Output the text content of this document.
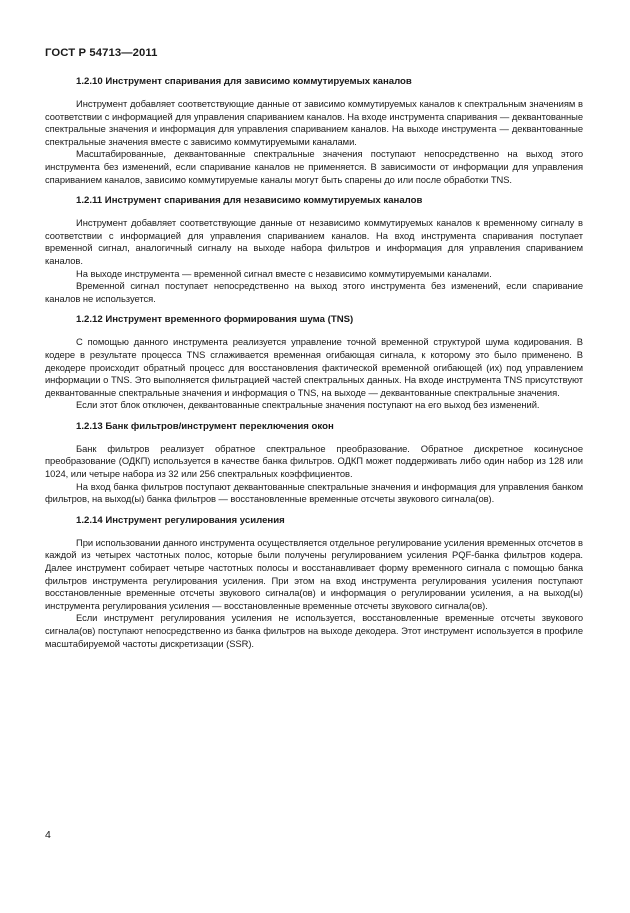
ГОСТ Р 54713—2011
1.2.10 Инструмент спаривания для зависимо коммутируемых каналов

Инструмент добавляет соответствующие данные от зависимо коммутируемых каналов к спектральным значениям в соответствии с информацией для управления спариванием каналов. На входе инструмента спаривания — деквантованные спектральные значения и информация для управления спариванием каналов. На выходе инструмента — деквантованные спектральные значения вместе с зависимо коммутируемыми каналами.

Масштабированные, деквантованные спектральные значения поступают непосредственно на выход этого инструмента без изменений, если спаривание каналов не применяется. В зависимости от информации для управления спариванием каналов, зависимо коммутируемые каналы могут быть спарены до или после обработки TNS.

1.2.11 Инструмент спаривания для независимо коммутируемых каналов

Инструмент добавляет соответствующие данные от независимо коммутируемых каналов к временному сигналу в соответствии с информацией для управления спариванием каналов. На вход инструмента спаривания поступает временной сигнал, аналогичный сигналу на выходе набора фильтров и информация для управления спариванием каналов.

На выходе инструмента — временной сигнал вместе с независимо коммутируемыми каналами.

Временной сигнал поступает непосредственно на выход этого инструмента без изменений, если спаривание каналов не используется.

1.2.12 Инструмент временного формирования шума (TNS)

С помощью данного инструмента реализуется управление точной временной структурой шума кодирования. В кодере в результате процесса TNS сглаживается временная огибающая сигнала, к которому это было применено. В декодере происходит обратный процесс для восстановления фактической временной огибающей (их) под управлением информации о TNS. Это выполняется фильтрацией частей спектральных данных. На входе инструмента TNS присутствуют деквантованные спектральные значения и информация о TNS, на выходе — деквантованные спектральные значения.

Если этот блок отключен, деквантованные спектральные значения поступают на его выход без изменений.

1.2.13 Банк фильтров/инструмент переключения окон

Банк фильтров реализует обратное спектральное преобразование. Обратное дискретное косинусное преобразование (ОДКП) используется в качестве банка фильтров. ОДКП может поддерживать либо один набор из 128 или 1024, или четыре набора из 32 или 256 спектральных коэффициентов.

На вход банка фильтров поступают деквантованные спектральные значения и информация для управления банком фильтров, на выход(ы) банка фильтров — восстановленные временные отсчеты звукового сигнала(ов).

1.2.14 Инструмент регулирования усиления

При использовании данного инструмента осуществляется отдельное регулирование усиления временных отсчетов в каждой из четырех частотных полос, которые были получены регулированием усиления PQF-банка фильтров кодера. Далее инструмент собирает четыре частотных полосы и восстанавливает форму временного сигнала с помощью банка фильтров инструмента регулирования усиления. При этом на вход инструмента регулирования усиления поступают восстановленные временные отсчеты звукового сигнала(ов) и информация о регулировании усиления, а на выход(ы) инструмента регулирования усиления — восстановленные временные отсчеты звукового сигнала(ов).

Если инструмент регулирования усиления не используется, восстановленные временные отсчеты звукового сигнала(ов) поступают непосредственно из банка фильтров на выходе декодера. Этот инструмент используется в профиле масштабируемой частоты дискретизации (SSR).

4
